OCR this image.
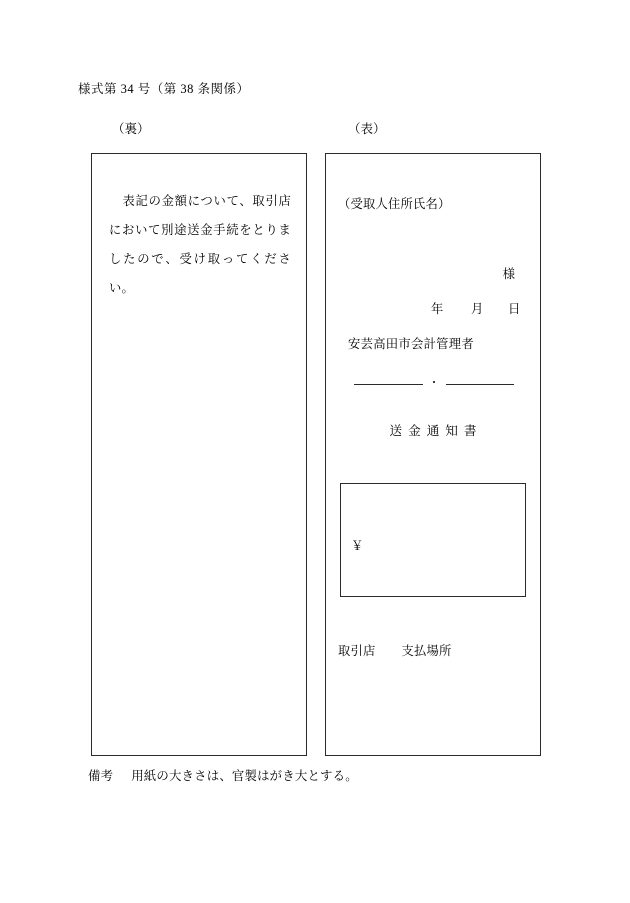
様式第 34 号（第 38 条関係）
（裏）	（表）
表記の金額について、取引店において別途送金手続をとりましたので、受け取ってください。
（受取人住所氏名）
様
年 月 日
安芸高田市会計管理者
・
送金通知書
￥
取引店 支払場所
備考 用紙の大きさは、官製はがき大とする。
